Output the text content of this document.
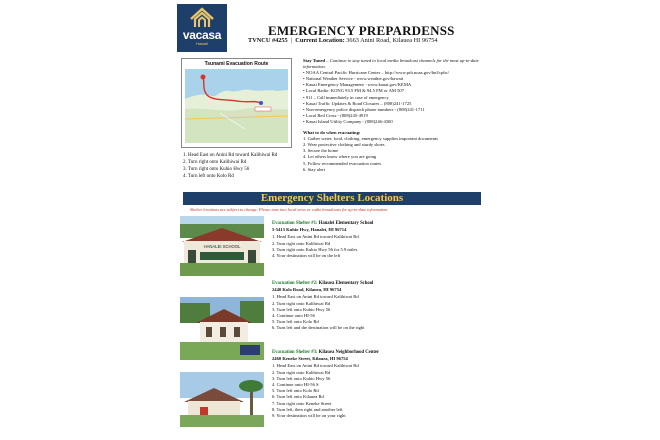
vacasa
Hawaii
EMERGENCY PREPARDENSS
TVNCU #4255 | Current Location: 3663 Anini Road, Kilauea HI 96754
Tsunami Evacuation Route
1. Head East on Anini Rd toward Kalihiwai Rd
2. Turn right onto Kalihiwai Rd
3. Turn right onto Kuhio Hwy 56
4. Turn left onto Kolo Rd
Stay Tuned – Continue to stay tuned to local media broadcast channels for the most up-to-date information.
• NOAA Central Pacific Hurricane Center – http://www.prh.noaa.gov/hnl/cphc/
• National Weather Service - www.weather.gov/hawaii
• Kauai Emergency Management - www.kauai.gov/KEMA
• Local Radio: KONG 93.5 FM & 94.5 FM or AM 507
• 911 – Call immediately in case of emergency
• Kauai Traffic Updates & Road Closures – (808)241-1725
• Non-emergency police dispatch phone numbers - (808)241-1711
• Local Red Cross - (808)245-4919
• Kauai Island Utility Company - (808)246-4300
What to do when evacuating:
1. Gather water, food, clothing, emergency supplies important documents
2. Wear protective clothing and sturdy shoes
3. Secure the home
4. Let others know where you are going
5. Follow recommended evacuation routes
6. Stay alert
Emergency Shelters Locations
Shelter locations are subject to change. Please tune into local news or radio broadcasts for up-to-date information.
HANALEI SCHOOL
Evacuation Shelter #1: Hanalei Elementary School
5-5415 Kuhio Hwy, Hanalei, HI 96714
1. Head East on Anini Rd toward Kalihiwai Rd
2. Turn right onto Kalihiwai Rd
3. Turn right onto Kuhio Hwy 56 for 5.9 miles
4. Your destination will be on the left
Evacuation Shelter #2: Kilauea Elementary School
2440 Kolo Road, Kilauea, HI 96754
1. Head East on Anini Rd toward Kalihiwai Rd
2. Turn right onto Kalihiwai Rd
3. Turn left onto Kuhio Hwy 56
4. Continue onto HI-56
5. Turn left onto Kolo Rd
6. Turn left and the destination will be on the right
Evacuation Shelter #3: Kilauea Neighborhood Center
2460 Keneke Street, Kilauea, HI 96754
1. Head East on Anini Rd toward Kalihiwai Rd
2. Turn right onto Kalihiwai Rd
3. Turn left onto Kuhio Hwy 56
4. Continue onto HI-56 S
5. Turn left onto Kolo Rd
6. Turn left onto Kilauea Rd
7. Turn right onto Keneke Street
8. Turn left, then right and another left
9. Your destination will be on your right
